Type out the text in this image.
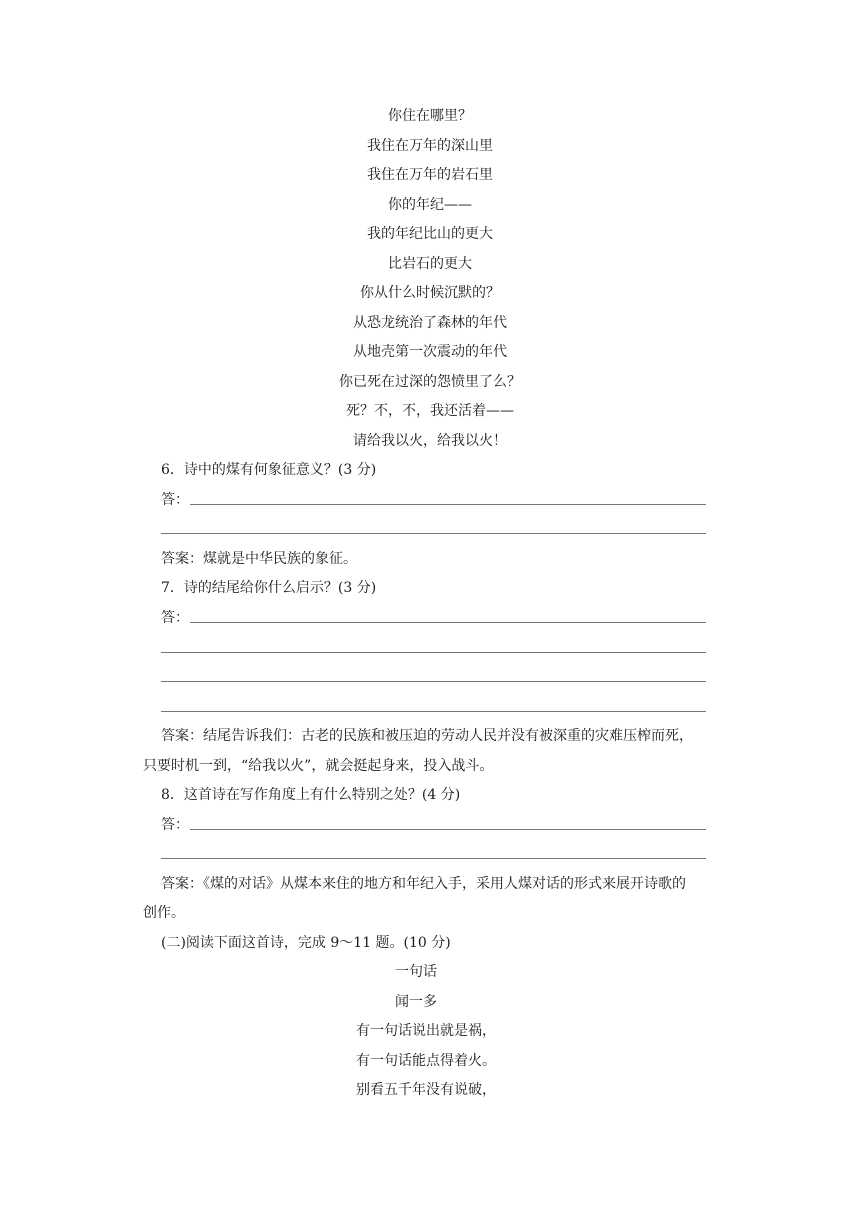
你住在哪里？
我住在万年的深山里
我住在万年的岩石里
你的年纪——
我的年纪比山的更大
比岩石的更大
你从什么时候沉默的？
从恐龙统治了森林的年代
从地壳第一次震动的年代
你已死在过深的怨愤里了么？
死？不，不，我还活着——
请给我以火，给我以火！
6．诗中的煤有何象征意义？(3 分)
答：
答案：煤就是中华民族的象征。
7．诗的结尾给你什么启示？(3 分)
答：
答案：结尾告诉我们：古老的民族和被压迫的劳动人民并没有被深重的灾难压榨而死，
只要时机一到，“给我以火”，就会挺起身来，投入战斗。
8．这首诗在写作角度上有什么特别之处？(4 分)
答：
答案：《煤的对话》从煤本来住的地方和年纪入手，采用人煤对话的形式来展开诗歌的
创作。
(二)阅读下面这首诗，完成 9～11 题。(10 分)
一句话
闻一多
有一句话说出就是祸，
有一句话能点得着火。
别看五千年没有说破，
